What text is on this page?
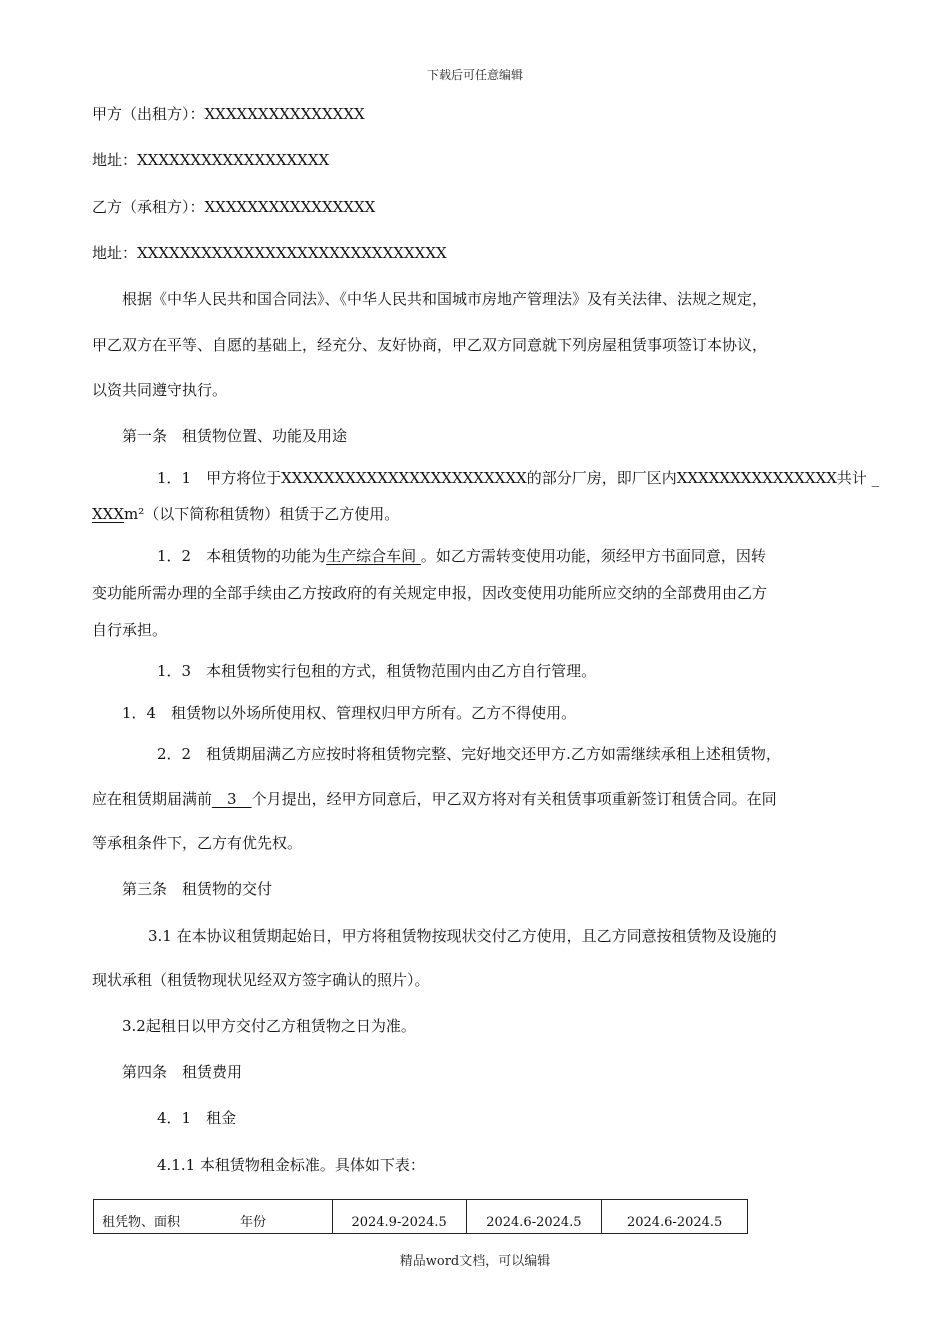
下载后可任意编辑
甲方（出租方）：XXXXXXXXXXXXXXX
地址：XXXXXXXXXXXXXXXXXX
乙方（承租方）：XXXXXXXXXXXXXXXX
地址：XXXXXXXXXXXXXXXXXXXXXXXXXXXXX
根据《中华人民共和国合同法》、《中华人民共和国城市房地产管理法》及有关法律、法规之规定，
甲乙双方在平等、自愿的基础上，经充分、友好协商，甲乙双方同意就下列房屋租赁事项签订本协议，
以资共同遵守执行。
第一条　租赁物位置、功能及用途
1．1　甲方将位于XXXXXXXXXXXXXXXXXXXXXXX的部分厂房，即厂区内XXXXXXXXXXXXXXX共计 _
XXXm²（以下简称租赁物）租赁于乙方使用。
1．2　本租赁物的功能为生产综合车间 。如乙方需转变使用功能，须经甲方书面同意，因转
变功能所需办理的全部手续由乙方按政府的有关规定申报，因改变使用功能所应交纳的全部费用由乙方
自行承担。
1．3　本租赁物实行包租的方式，租赁物范围内由乙方自行管理。
1．4　租赁物以外场所使用权、管理权归甲方所有。乙方不得使用。
2．2　租赁期届满乙方应按时将租赁物完整、完好地交还甲方.乙方如需继续承租上述租赁物，
应在租赁期届满前　3　个月提出，经甲方同意后，甲乙双方将对有关租赁事项重新签订租赁合同。在同
等承租条件下，乙方有优先权。
第三条　租赁物的交付
3.1 在本协议租赁期起始日，甲方将租赁物按现状交付乙方使用，且乙方同意按租赁物及设施的
现状承租（租赁物现状见经双方签字确认的照片）。
3.2起租日以甲方交付乙方租赁物之日为准。
第四条　租赁费用
4．1　租金
4.1.1 本租赁物租金标准。具体如下表：
租凭物、面积	年份	2024.9-2024.5	2024.6-2024.5	2024.6-2024.5
精品word文档，可以编辑
